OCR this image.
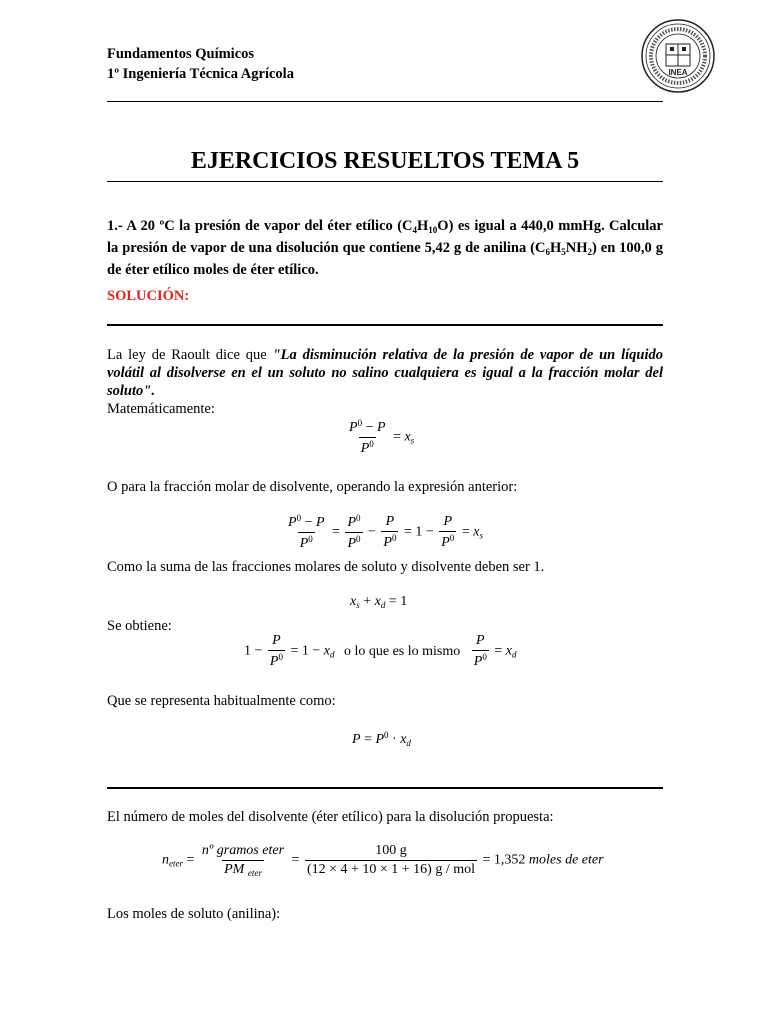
Fundamentos Químicos
1º Ingeniería Técnica Agrícola	INEA
EJERCICIOS RESUELTOS TEMA 5
1.- A 20 ºC la presión de vapor del éter etílico $(C_4H_{10}O)$ es igual a 440,0 mmHg. Calcular la presión de vapor de una disolución que contiene 5,42 g de anilina $(C_6H_5NH_2)$ en 100,0 g de éter etílico moles de éter etílico.
SOLUCIÓN:
La ley de Raoult dice que "La disminución relativa de la presión de vapor de un líquido volátil al disolverse en el un soluto no salino cualquiera es igual a la fracción molar del soluto".
Matemáticamente:
$\frac{P^0 - P}{P^0} = x_s$
O para la fracción molar de disolvente, operando la expresión anterior:
$\frac{P^0 - P}{P^0} = \frac{P^0}{P^0} - \frac{P}{P^0} = 1 - \frac{P}{P^0} = x_s$
Como la suma de las fracciones molares de soluto y disolvente deben ser 1.
$x_s + x_d = 1$
Se obtiene:
$1 - \frac{P}{P^0} = 1 - x_d$ o lo que es lo mismo $\frac{P}{P^0} = x_d$
Que se representa habitualmente como:
$P = P^0 \cdot x_d$
El número de moles del disolvente (éter etílico) para la disolución propuesta:
$n_{eter} = \frac{\text{nº gramos eter}}{PM _{eter}} = \frac{100 g}{\text{(12 × 4 + 10 × 1 + 16) g / mol}} = 1,352$ moles de eter
Los moles de soluto (anilina):
